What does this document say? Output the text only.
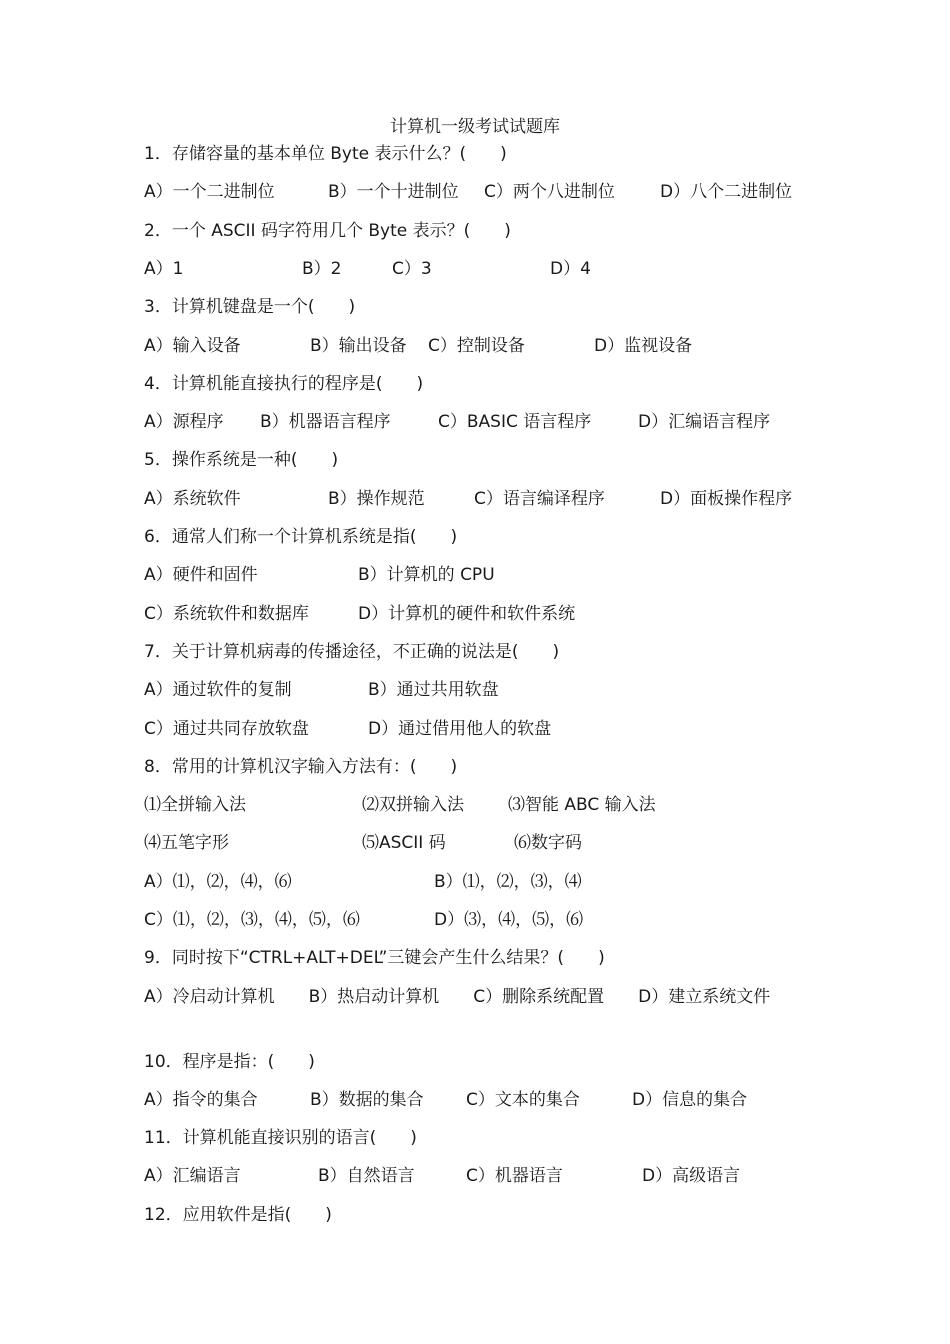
计算机一级考试试题库
1．存储容量的基本单位 Byte 表示什么？(　　)
A）一个二进制位	B）一个十进制位 C）两个八进制位	D）八个二进制位
2．一个 ASCII 码字符用几个 Byte 表示？(　　)
A）1	B）2	C）3	D）4
3．计算机键盘是一个(　　)
A）输入设备	B）输出设备 C）控制设备	D）监视设备
4．计算机能直接执行的程序是(　　)
A）源程序 B）机器语言程序	C）BASIC 语言程序	D）汇编语言程序
5．操作系统是一种(　　)
A）系统软件	B）操作规范	C）语言编译程序	D）面板操作程序
6．通常人们称一个计算机系统是指(　　)
A）硬件和固件	B）计算机的 CPU
C）系统软件和数据库	D）计算机的硬件和软件系统
7．关于计算机病毒的传播途径，不正确的说法是(　　)
A）通过软件的复制	B）通过共用软盘
C）通过共同存放软盘	D）通过借用他人的软盘
8．常用的计算机汉字输入方法有：(　　)
⑴全拼输入法	⑵双拼输入法	⑶智能 ABC 输入法
⑷五笔字形	⑸ASCII 码	⑹数字码
A）⑴，⑵，⑷，⑹	B）⑴，⑵，⑶，⑷
C）⑴，⑵，⑶，⑷，⑸，⑹	D）⑶，⑷，⑸，⑹
9．同时按下“CTRL+ALT+DEL”三键会产生什么结果？(　　)
A）冷启动计算机　　B）热启动计算机　　C）删除系统配置　　D）建立系统文件
10．程序是指：(　　)
A）指令的集合	B）数据的集合 C）文本的集合	D）信息的集合
11．计算机能直接识别的语言(　　)
A）汇编语言	B）自然语言	C）机器语言	D）高级语言
12．应用软件是指(　　)
